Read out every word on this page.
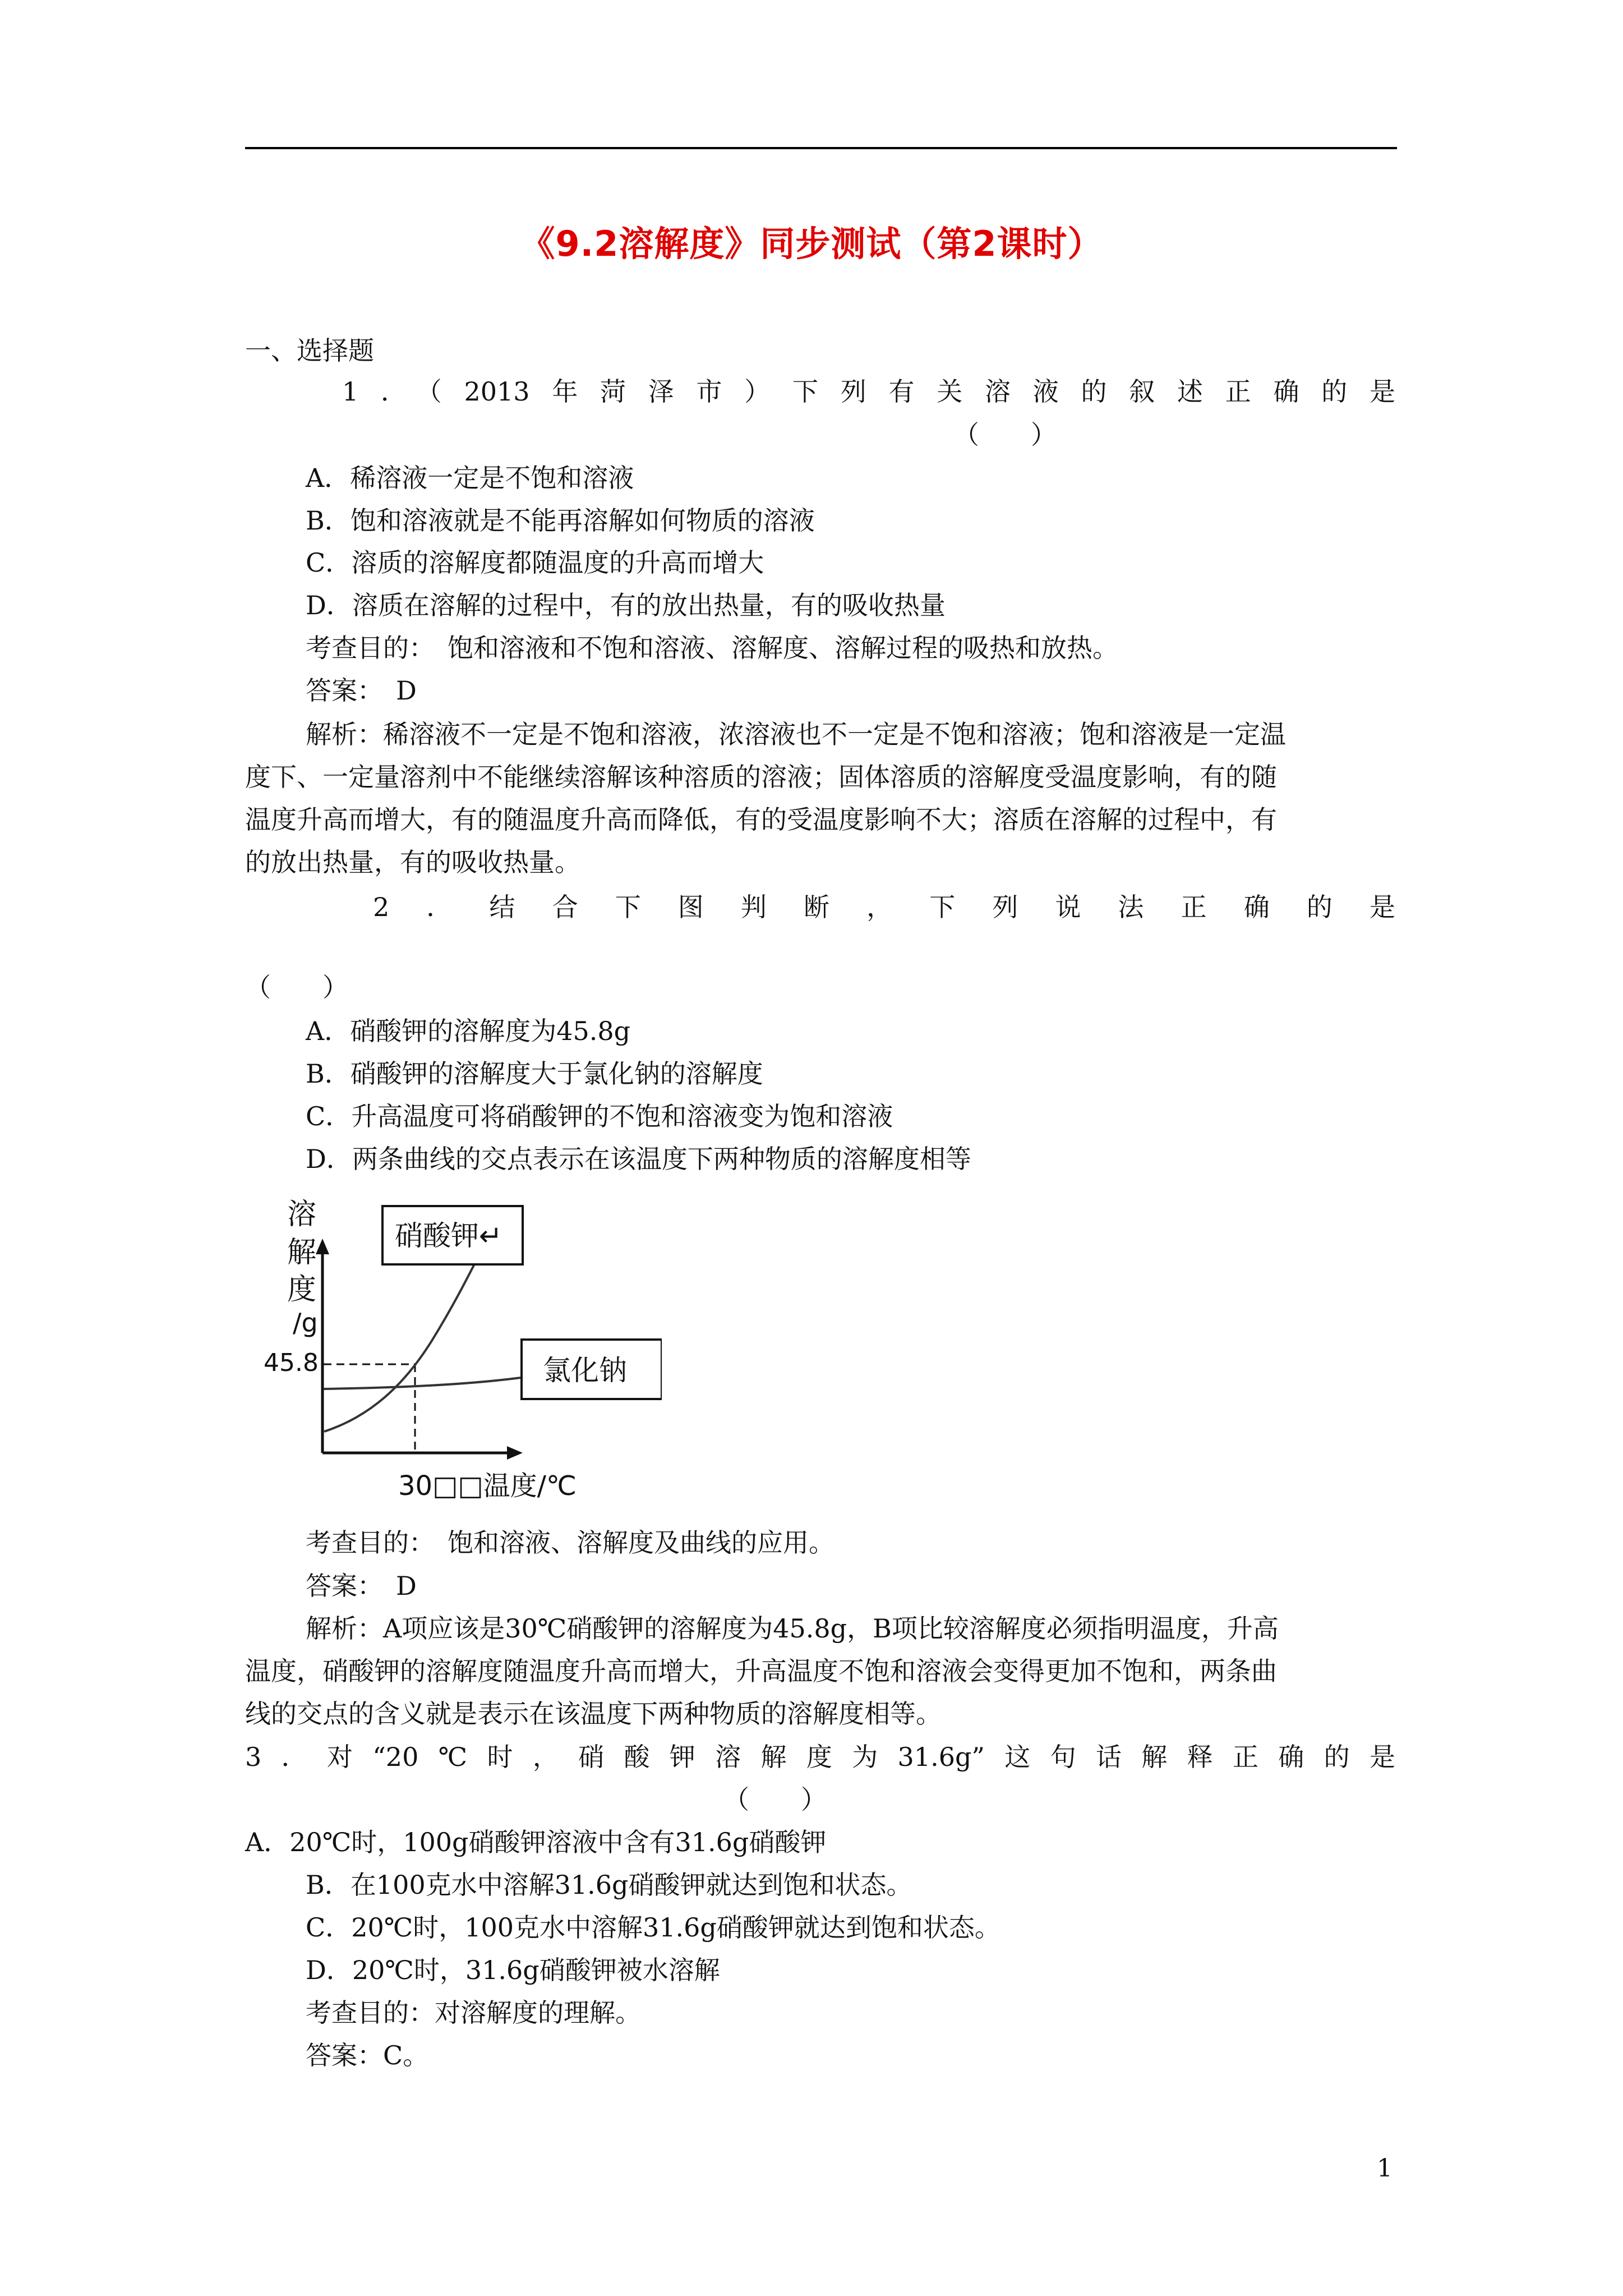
《9.2溶解度》同步测试（第2课时）
一、选择题
1．（2013年菏泽市）下列有关溶液的叙述正确的是
（　　）
A．稀溶液一定是不饱和溶液
B．饱和溶液就是不能再溶解如何物质的溶液
C．溶质的溶解度都随温度的升高而增大
D．溶质在溶解的过程中，有的放出热量，有的吸收热量
考查目的：　饱和溶液和不饱和溶液、溶解度、溶解过程的吸热和放热。
答案：　D
解析：稀溶液不一定是不饱和溶液，浓溶液也不一定是不饱和溶液；饱和溶液是一定温
度下、一定量溶剂中不能继续溶解该种溶质的溶液；固体溶质的溶解度受温度影响，有的随
温度升高而增大，有的随温度升高而降低，有的受温度影响不大；溶质在溶解的过程中，有
的放出热量，有的吸收热量。
2．结合下图判断，下列说法正确的是
（　　）
A．硝酸钾的溶解度为45.8g
B．硝酸钾的溶解度大于氯化钠的溶解度
C．升高温度可将硝酸钾的不饱和溶液变为饱和溶液
D．两条曲线的交点表示在该温度下两种物质的溶解度相等
溶
解
度
/g
45.8
硝酸钾↵
氯化钠
30□□温度/℃
考查目的：　饱和溶液、溶解度及曲线的应用。
答案：　D
解析：A项应该是30℃硝酸钾的溶解度为45.8g，B项比较溶解度必须指明温度，升高
温度，硝酸钾的溶解度随温度升高而增大，升高温度不饱和溶液会变得更加不饱和，两条曲
线的交点的含义就是表示在该温度下两种物质的溶解度相等。
3．对“20℃时，硝酸钾溶解度为31.6g”这句话解释正确的是
（　　）
A．20℃时，100g硝酸钾溶液中含有31.6g硝酸钾
B．在100克水中溶解31.6g硝酸钾就达到饱和状态。
C．20℃时，100克水中溶解31.6g硝酸钾就达到饱和状态。
D．20℃时，31.6g硝酸钾被水溶解
考查目的：对溶解度的理解。
答案：C。
1
